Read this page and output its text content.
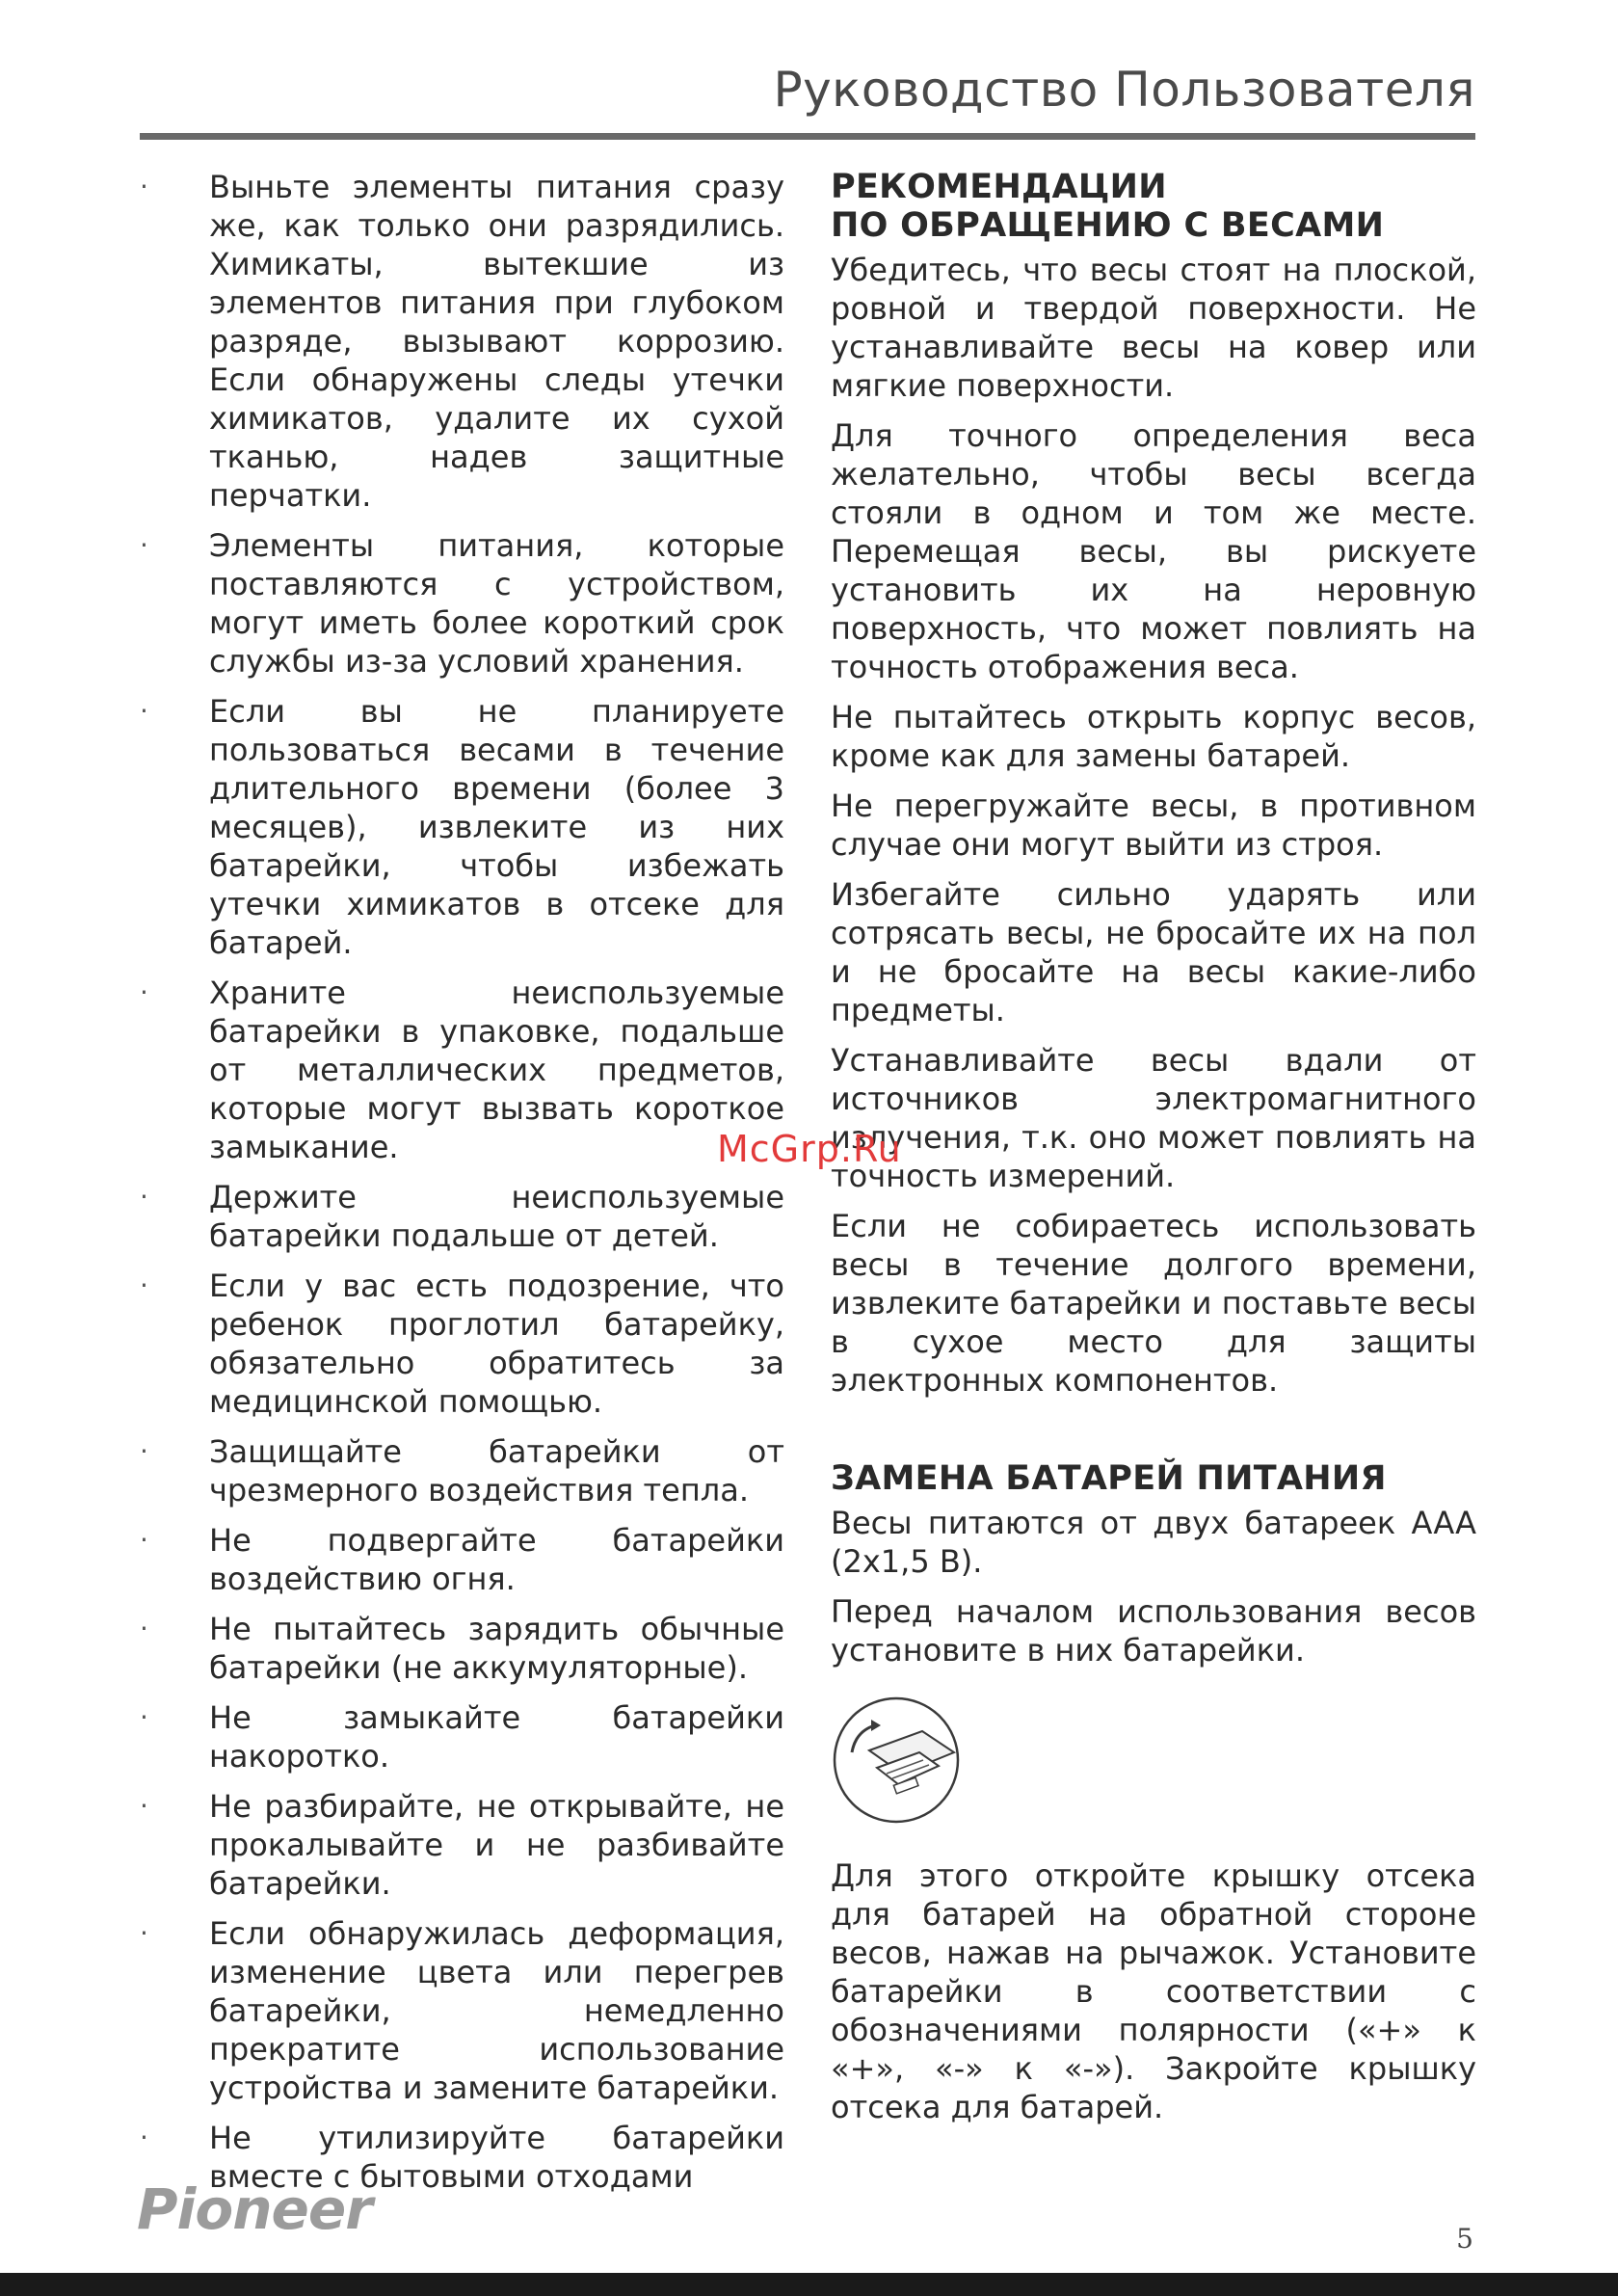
Руководство Пользователя
· Выньте элементы питания сразу же, как только они разрядились. Химикаты, вытекшие из элементов питания при глубоком разряде, вызывают коррозию. Если обнаружены следы утечки химикатов, удалите их сухой тканью, надев защитные перчатки.
· Элементы питания, которые поставляются с устройством, могут иметь более короткий срок службы из-за условий хранения.
· Если вы не планируете пользоваться весами в течение длительного времени (более 3 месяцев), извлеките из них батарейки, чтобы избежать утечки химикатов в отсеке для батарей.
· Храните неиспользуемые батарейки в упаковке, подальше от металлических предметов, которые могут вызвать короткое замыкание.
· Держите неиспользуемые батарейки подальше от детей.
· Если у вас есть подозрение, что ребенок проглотил батарейку, обязательно обратитесь за медицинской помощью.
· Защищайте батарейки от чрезмерного воздействия тепла.
· Не подвергайте батарейки воздействию огня.
· Не пытайтесь зарядить обычные батарейки (не аккумуляторные).
· Не замыкайте батарейки накоротко.
· Не разбирайте, не открывайте, не прокалывайте и не разбивайте батарейки.
· Если обнаружилась деформация, изменение цвета или перегрев батарейки, немедленно прекратите использование устройства и замените батарейки.
· Не утилизируйте батарейки вместе с бытовыми отходами
РЕКОМЕНДАЦИИ
ПО ОБРАЩЕНИЮ С ВЕСАМИ

Убедитесь, что весы стоят на плоской, ровной и твердой поверхности. Не устанавливайте весы на ковер или мягкие поверхности.

Для точного определения веса желательно, чтобы весы всегда стояли в одном и том же месте. Перемещая весы, вы рискуете установить их на неровную поверхность, что может повлиять на точность отображения веса.

Не пытайтесь открыть корпус весов, кроме как для замены батарей.

Не перегружайте весы, в противном случае они могут выйти из строя.

Избегайте сильно ударять или сотрясать весы, не бросайте их на пол и не бросайте на весы какие-либо предметы.

Устанавливайте весы вдали от источников электромагнитного излучения, т.к. оно может повлиять на точность измерений.

Если не собираетесь использовать весы в течение долгого времени, извлеките батарейки и поставьте весы в сухое место для защиты электронных компонентов.

ЗАМЕНА БАТАРЕЙ ПИТАНИЯ

Весы питаются от двух батареек AAA (2x1,5 В).

Перед началом использования весов установите в них батарейки.

Для этого откройте крышку отсека для батарей на обратной стороне весов, нажав на рычажок. Установите батарейки в соответствии с обозначениями полярности («+» к «+», «-» к «-»). Закройте крышку отсека для батарей.

McGrp.Ru
Pioneer	5
